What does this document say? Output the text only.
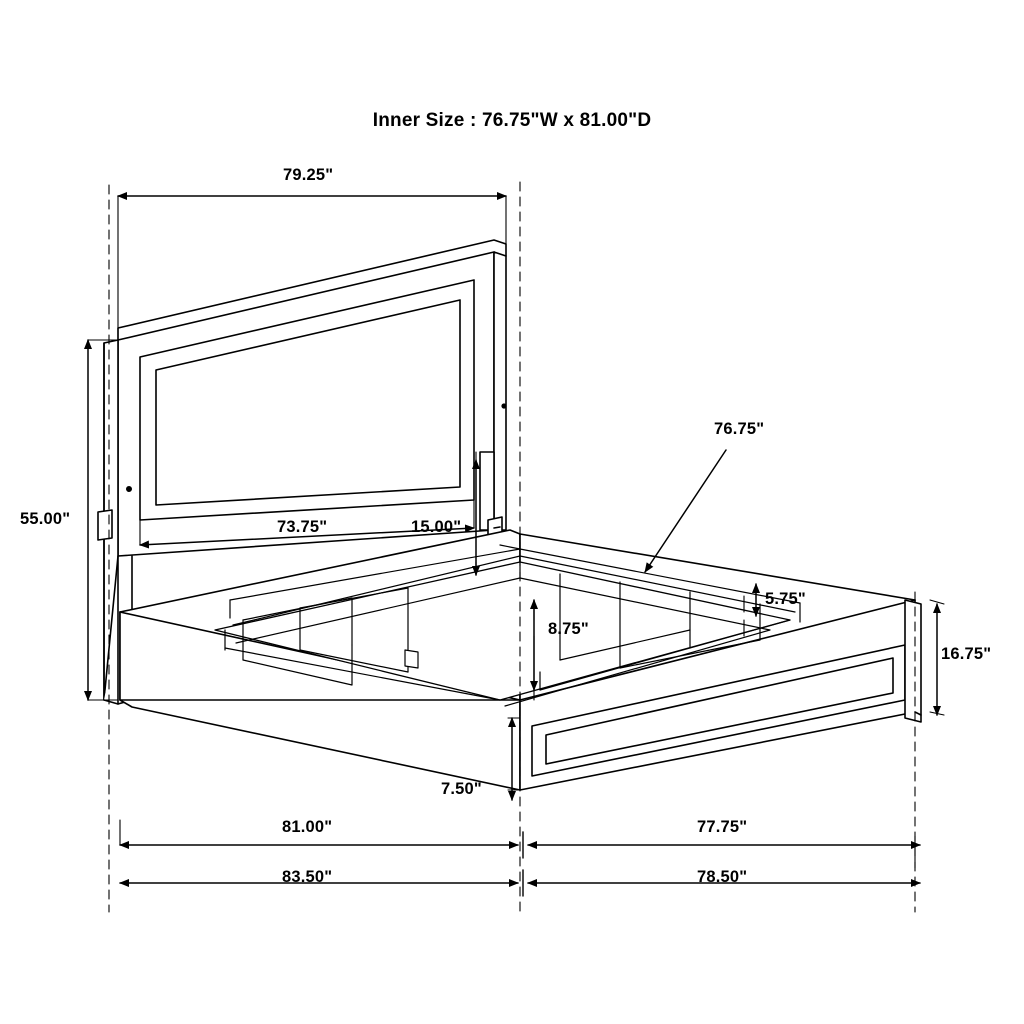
Inner Size : 76.75"W x 81.00"D
79.25"
55.00"	73.75"	15.00"
76.75"
5.75"
8.75"
16.75"
7.50"
81.00"	77.75"
83.50"	78.50"
